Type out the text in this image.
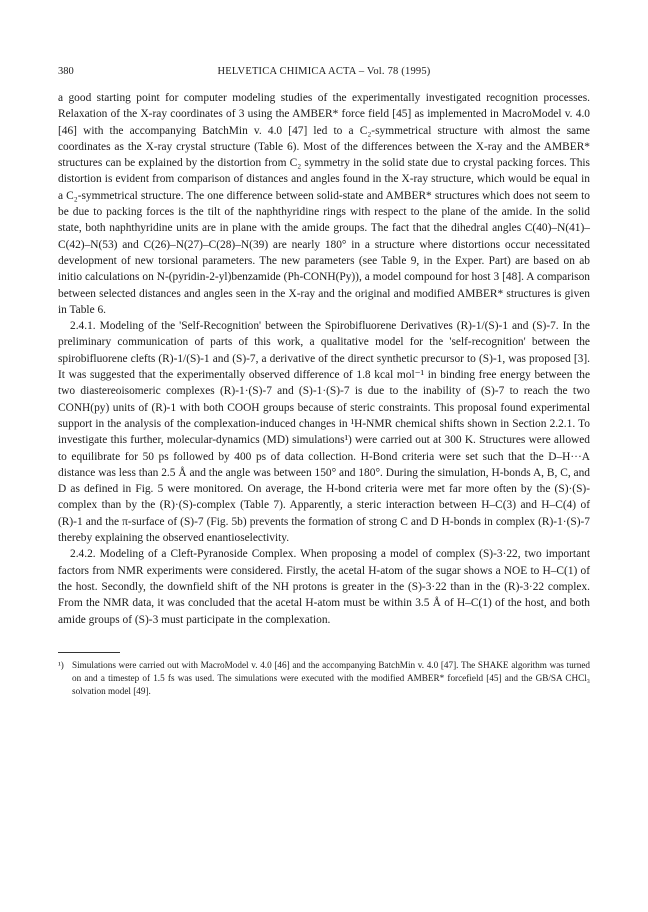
380	HELVETICA CHIMICA ACTA – Vol. 78 (1995)

a good starting point for computer modeling studies of the experimentally investigated recognition processes. Relaxation of the X-ray coordinates of 3 using the AMBER* force field [45] as implemented in MacroModel v. 4.0 [46] with the accompanying BatchMin v. 4.0 [47] led to a C₂-symmetrical structure with almost the same coordinates as the X-ray crystal structure (Table 6). Most of the differences between the X-ray and the AMBER* structures can be explained by the distortion from C₂ symmetry in the solid state due to crystal packing forces. This distortion is evident from comparison of distances and angles found in the X-ray structure, which would be equal in a C₂-symmetrical structure. The one difference between solid-state and AMBER* structures which does not seem to be due to packing forces is the tilt of the naphthyridine rings with respect to the plane of the amide. In the solid state, both naphthyridine units are in plane with the amide groups. The fact that the dihedral angles C(40)–N(41)–C(42)–N(53) and C(26)–N(27)–C(28)–N(39) are nearly 180° in a structure where distortions occur necessitated development of new torsional parameters. The new parameters (see Table 9, in the Exper. Part) are based on ab initio calculations on N-(pyridin-2-yl)benzamide (Ph-CONH(Py)), a model compound for host 3 [48]. A comparison between selected distances and angles seen in the X-ray and the original and modified AMBER* structures is given in Table 6.

2.4.1. Modeling of the 'Self-Recognition' between the Spirobifluorene Derivatives (R)-1/(S)-1 and (S)-7. In the preliminary communication of parts of this work, a qualitative model for the 'self-recognition' between the spirobifluorene clefts (R)-1/(S)-1 and (S)-7, a derivative of the direct synthetic precursor to (S)-1, was proposed [3]. It was suggested that the experimentally observed difference of 1.8 kcal mol⁻¹ in binding free energy between the two diastereoisomeric complexes (R)-1·(S)-7 and (S)-1·(S)-7 is due to the inability of (S)-7 to reach the two CONH(py) units of (R)-1 with both COOH groups because of steric constraints. This proposal found experimental support in the analysis of the complexation-induced changes in ¹H-NMR chemical shifts shown in Section 2.2.1. To investigate this further, molecular-dynamics (MD) simulations¹) were carried out at 300 K. Structures were allowed to equilibrate for 50 ps followed by 400 ps of data collection. H-Bond criteria were set such that the D–H···A distance was less than 2.5 Å and the angle was between 150° and 180°. During the simulation, H-bonds A, B, C, and D as defined in Fig. 5 were monitored. On average, the H-bond criteria were met far more often by the (S)·(S)-complex than by the (R)·(S)-complex (Table 7). Apparently, a steric interaction between H–C(3) and H–C(4) of (R)-1 and the π-surface of (S)-7 (Fig. 5b) prevents the formation of strong C and D H-bonds in complex (R)-1·(S)-7 thereby explaining the observed enantioselectivity.

2.4.2. Modeling of a Cleft-Pyranoside Complex. When proposing a model of complex (S)-3·22, two important factors from NMR experiments were considered. Firstly, the acetal H-atom of the sugar shows a NOE to H–C(1) of the host. Secondly, the downfield shift of the NH protons is greater in the (S)-3·22 than in the (R)-3·22 complex. From the NMR data, it was concluded that the acetal H-atom must be within 3.5 Å of H–C(1) of the host, and both amide groups of (S)-3 must participate in the complexation.

¹) Simulations were carried out with MacroModel v. 4.0 [46] and the accompanying BatchMin v. 4.0 [47]. The SHAKE algorithm was turned on and a timestep of 1.5 fs was used. The simulations were executed with the modified AMBER* forcefield [45] and the GB/SA CHCl₃ solvation model [49].
